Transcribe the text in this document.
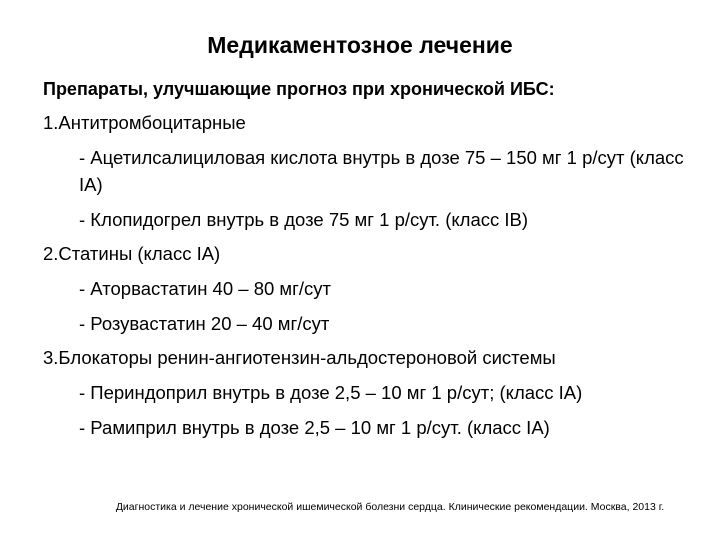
Медикаментозное лечение
Препараты, улучшающие прогноз при хронической ИБС:
1.Антитромбоцитарные
- Ацетилсалициловая кислота внутрь в дозе 75 – 150 мг 1 р/сут (класс IA)
- Клопидогрел внутрь в дозе 75 мг 1 р/сут. (класс IB)
2.Статины (класс IA)
- Аторвастатин 40 – 80 мг/сут
- Розувастатин 20 – 40 мг/сут
3.Блокаторы ренин-ангиотензин-альдостероновой системы
- Периндоприл внутрь в дозе 2,5 – 10 мг 1 р/сут; (класс IA)
- Рамиприл внутрь в дозе 2,5 – 10 мг 1 р/сут. (класс IA)
Диагностика и лечение хронической ишемической болезни сердца. Клинические рекомендации. Москва, 2013 г.
